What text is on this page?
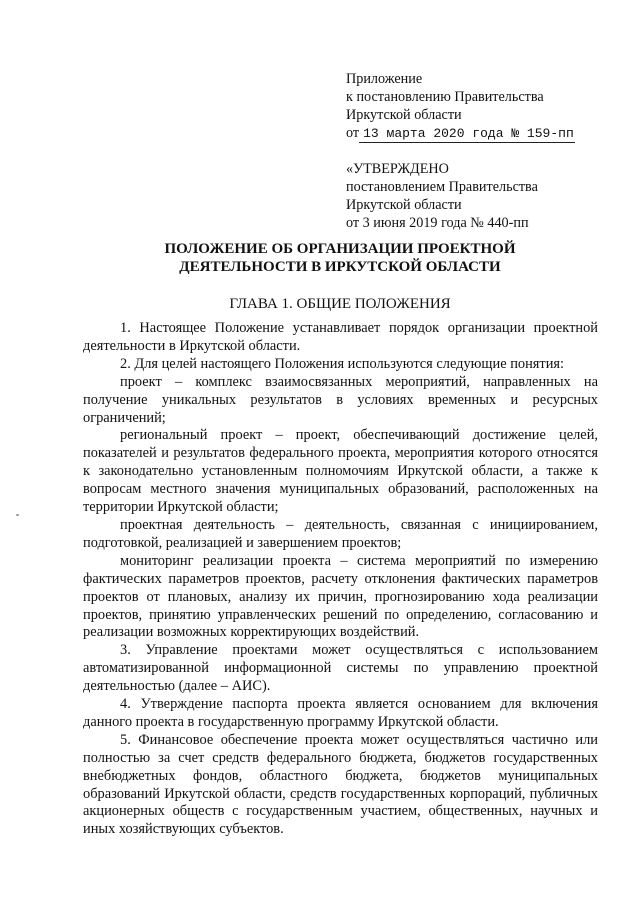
Приложение
к постановлению Правительства
Иркутской области
от 13 марта 2020 года № 159-пп
«УТВЕРЖДЕНО
постановлением Правительства
Иркутской области
от 3 июня 2019 года № 440-пп
ПОЛОЖЕНИЕ ОБ ОРГАНИЗАЦИИ ПРОЕКТНОЙ
ДЕЯТЕЛЬНОСТИ В ИРКУТСКОЙ ОБЛАСТИ
ГЛАВА 1. ОБЩИЕ ПОЛОЖЕНИЯ

1. Настоящее Положение устанавливает порядок организации проектной деятельности в Иркутской области.

2. Для целей настоящего Положения используются следующие понятия:

проект – комплекс взаимосвязанных мероприятий, направленных на получение уникальных результатов в условиях временных и ресурсных ограничений;

региональный проект – проект, обеспечивающий достижение целей, показателей и результатов федерального проекта, мероприятия которого относятся к законодательно установленным полномочиям Иркутской области, а также к вопросам местного значения муниципальных образований, расположенных на территории Иркутской области;

проектная деятельность – деятельность, связанная с инициированием, подготовкой, реализацией и завершением проектов;

мониторинг реализации проекта – система мероприятий по измерению фактических параметров проектов, расчету отклонения фактических параметров проектов от плановых, анализу их причин, прогнозированию хода реализации проектов, принятию управленческих решений по определению, согласованию и реализации возможных корректирующих воздействий.

3. Управление проектами может осуществляться с использованием автоматизированной информационной системы по управлению проектной деятельностью (далее – АИС).

4. Утверждение паспорта проекта является основанием для включения данного проекта в государственную программу Иркутской области.

5. Финансовое обеспечение проекта может осуществляться частично или полностью за счет средств федерального бюджета, бюджетов государственных внебюджетных фондов, областного бюджета, бюджетов муниципальных образований Иркутской области, средств государственных корпораций, публичных акционерных обществ с государственным участием, общественных, научных и иных хозяйствующих субъектов.
